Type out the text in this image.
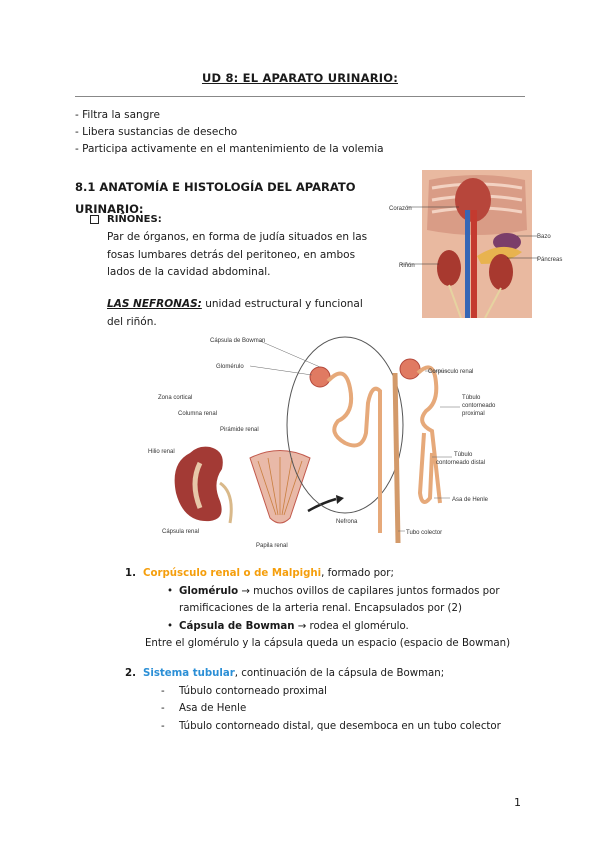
UD 8: EL APARATO URINARIO:
- Filtra la sangre
- Libera sustancias de desecho
- Participa activamente en el mantenimiento de la volemia
8.1 ANATOMÍA E HISTOLOGÍA DEL APARATO
URINARIO:
RIÑONES:
Par de órganos, en forma de judía situados en las fosas lumbares detrás del peritoneo, en ambos lados de la cavidad abdominal.
LAS NEFRONAS: unidad estructural y funcional del riñón.
Corazón
Bazo
Páncreas
Riñón
Cápsula de Bowman
Glomérulo
Corpúsculo renal
Túbulo
contorneado
proximal
Zona cortical
Columna renal
Pirámide renal
Hilio renal	Túbulo
contorneado distal
Asa de Henle
Cápsula renal
Papila renal
Nefrona
Tubo colector
1. Corpúsculo renal o de Malpighi, formado por;
• Glomérulo → muchos ovillos de capilares juntos formados por
ramificaciones de la arteria renal. Encapsulados por (2)
• Cápsula de Bowman → rodea el glomérulo.
Entre el glomérulo y la cápsula queda un espacio (espacio de Bowman)
2. Sistema tubular, continuación de la cápsula de Bowman;
- Túbulo contorneado proximal
- Asa de Henle
- Túbulo contorneado distal, que desemboca en un tubo colector
1
